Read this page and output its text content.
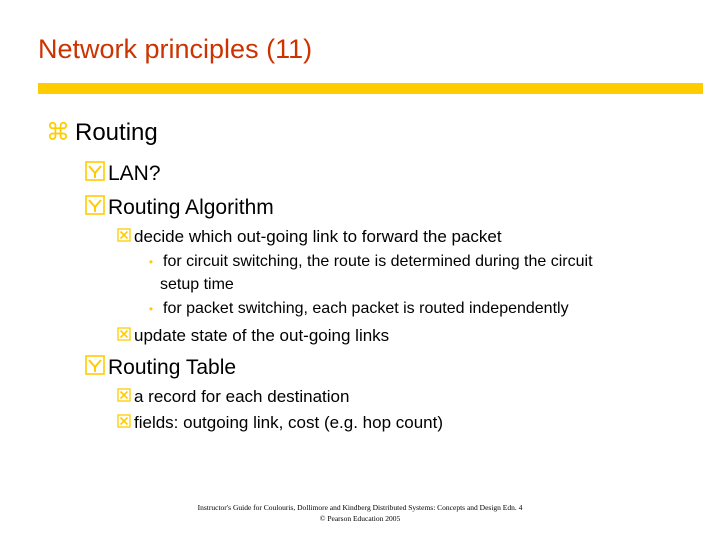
Network principles (11)
⌘ Routing
LAN?
Routing Algorithm
decide which out-going link to forward the packet
• for circuit switching, the route is determined during the circuit
setup time
• for packet switching, each packet is routed independently
update state of the out-going links
Routing Table
a record for each destination
fields: outgoing link, cost (e.g. hop count)
Instructor's Guide for Coulouris, Dollimore and Kindberg Distributed Systems: Concepts and Design Edn. 4
© Pearson Education 2005
